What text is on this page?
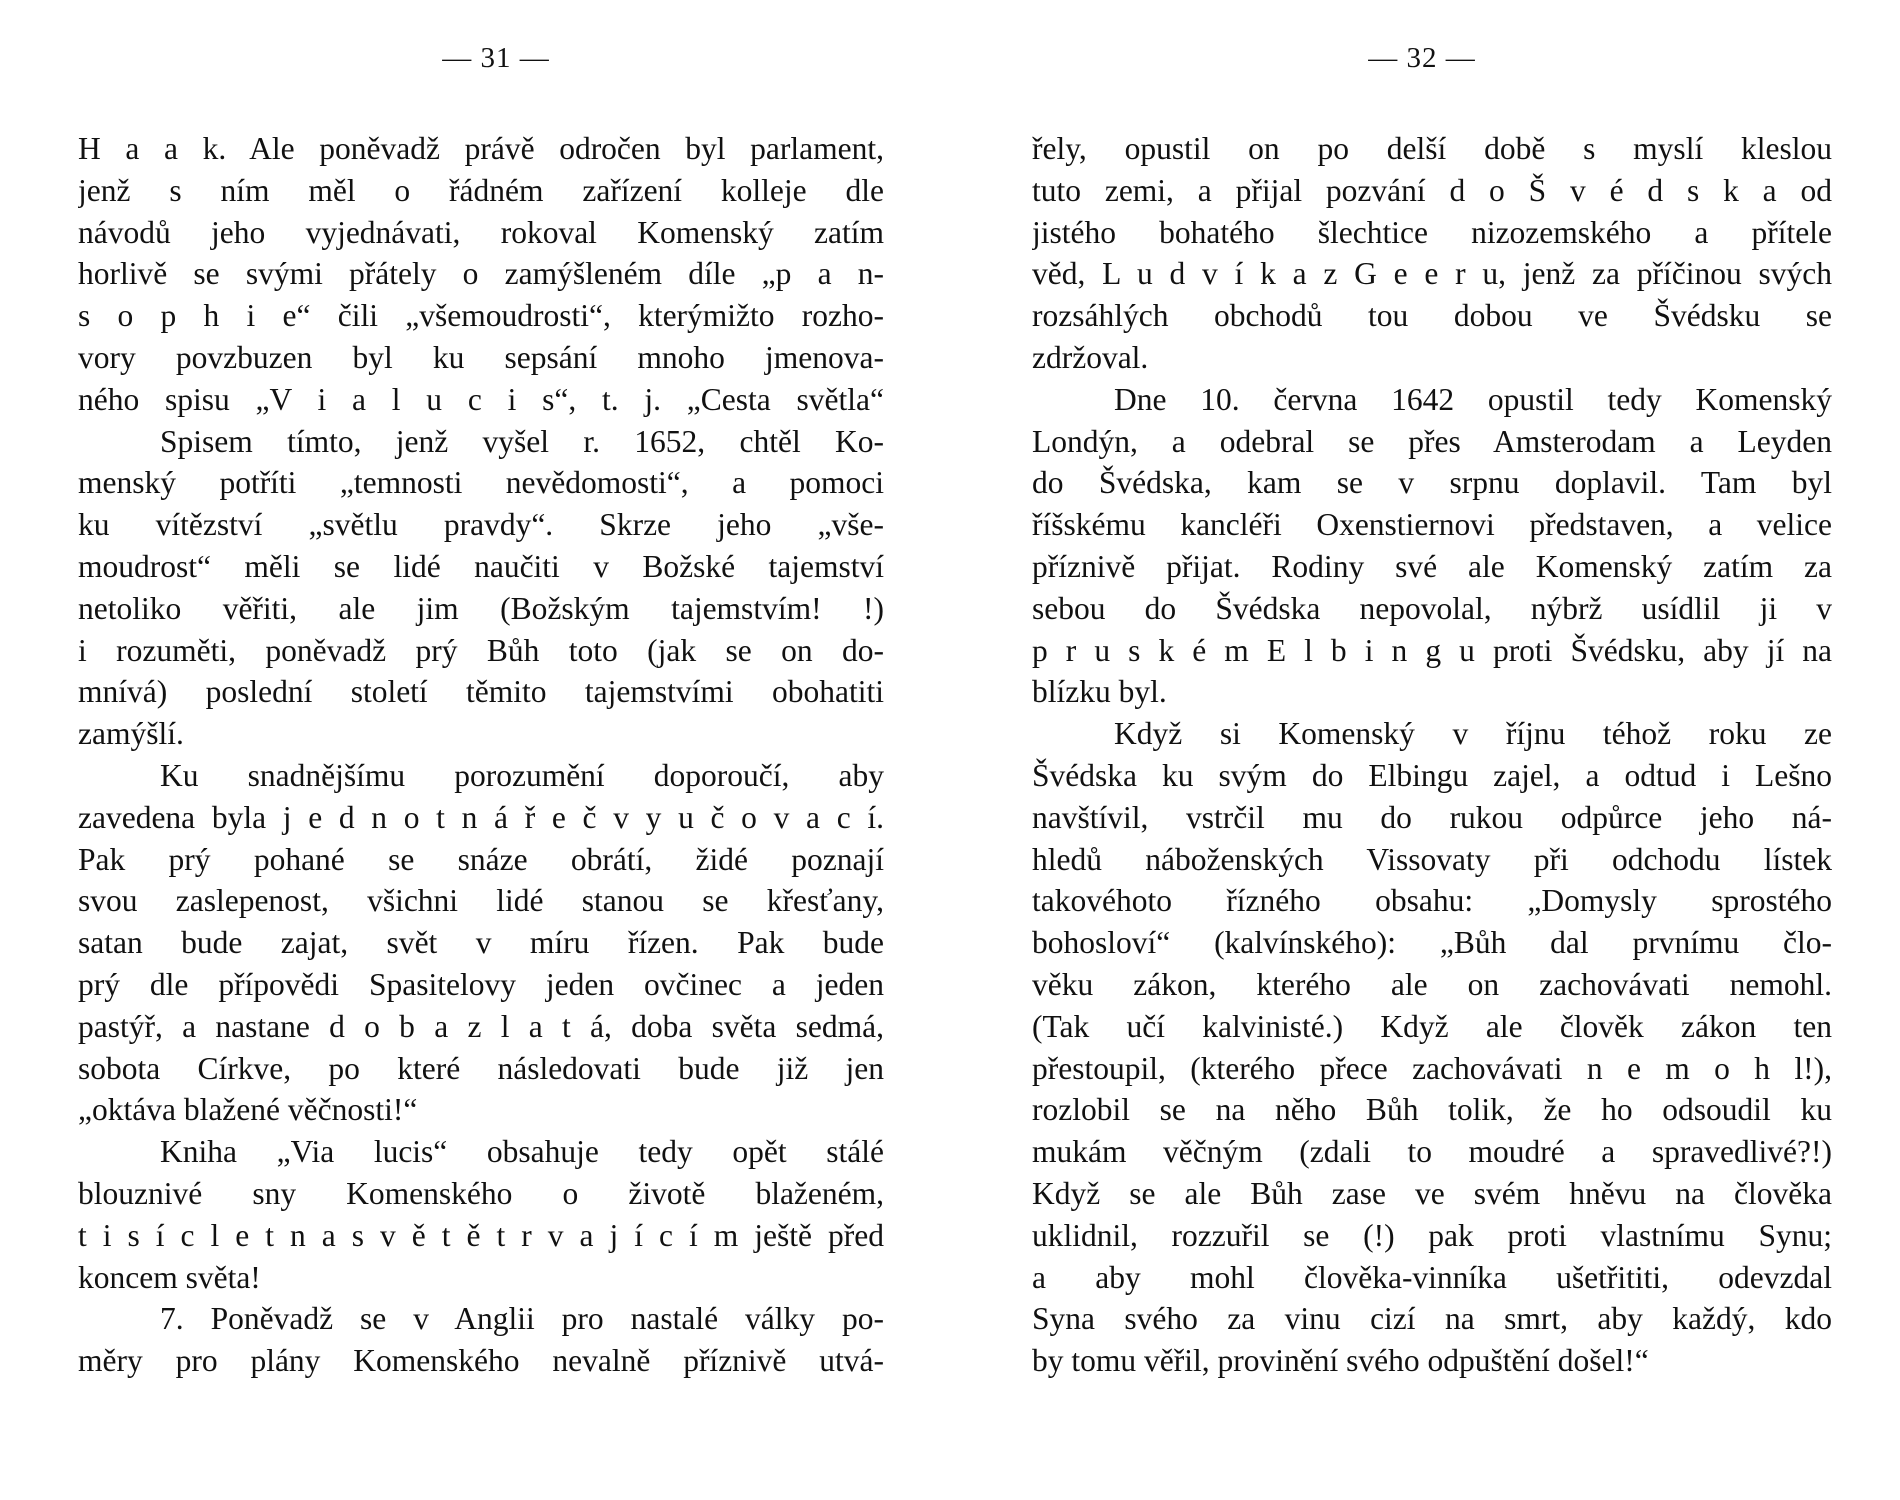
— 31 —
H a a k. Ale poněvadž právě odročen byl parlament,
jenž s ním měl o řádném zařízení kolleje dle
návodů jeho vyjednávati, rokoval Komenský zatím
horlivě se svými přátely o zamýšleném díle „p a n-
s o p h i e“ čili „všemoudrosti“, kterýmižto rozho-
vory povzbuzen byl ku sepsání mnoho jmenova-
ného spisu „V i a l u c i s“, t. j. „Cesta světla“
Spisem tímto, jenž vyšel r. 1652, chtěl Ko-
menský potříti „temnosti nevědomosti“, a pomoci
ku vítězství „světlu pravdy“. Skrze jeho „vše-
moudrost“ měli se lidé naučiti v Božské tajemství
netoliko věřiti, ale jim (Božským tajemstvím! !)
i rozuměti, poněvadž prý Bůh toto (jak se on do-
mnívá) poslední století těmito tajemstvími obohatiti
zamýšlí.
Ku snadnějšímu porozumění doporoučí, aby
zavedena byla j e d n o t n á ř e č v y u č o v a c í.
Pak prý pohané se snáze obrátí, židé poznají
svou zaslepenost, všichni lidé stanou se křesťany,
satan bude zajat, svět v míru řízen. Pak bude
prý dle přípovědi Spasitelovy jeden ovčinec a jeden
pastýř, a nastane d o b a z l a t á, doba světa sedmá,
sobota Církve, po které následovati bude již jen
„oktáva blažené věčnosti!“
Kniha „Via lucis“ obsahuje tedy opět stálé
blouznivé sny Komenského o životě blaženém,
t i s í c l e t n a s v ě t ě t r v a j í c í m ještě před
koncem světa!
7. Poněvadž se v Anglii pro nastalé války po-
měry pro plány Komenského nevalně příznivě utvá-
— 32 —
řely, opustil on po delší době s myslí kleslou
tuto zemi, a přijal pozvání d o Š v é d s k a od
jistého bohatého šlechtice nizozemského a přítele
věd, L u d v í k a z G e e r u, jenž za příčinou svých
rozsáhlých obchodů tou dobou ve Švédsku se
zdržoval.
Dne 10. června 1642 opustil tedy Komenský
Londýn, a odebral se přes Amsterodam a Leyden
do Švédska, kam se v srpnu doplavil. Tam byl
říšskému kancléři Oxenstiernovi představen, a velice
příznivě přijat. Rodiny své ale Komenský zatím za
sebou do Švédska nepovolal, nýbrž usídlil ji v
p r u s k é m E l b i n g u proti Švédsku, aby jí na
blízku byl.
Když si Komenský v říjnu téhož roku ze
Švédska ku svým do Elbingu zajel, a odtud i Lešno
navštívil, vstrčil mu do rukou odpůrce jeho ná-
hledů náboženských Vissovaty při odchodu lístek
takovéhoto řízného obsahu: „Domysly sprostého
bohosloví“ (kalvínského): „Bůh dal prvnímu člo-
věku zákon, kterého ale on zachovávati nemohl.
(Tak učí kalvinisté.) Když ale člověk zákon ten
přestoupil, (kterého přece zachovávati n e m o h l!),
rozlobil se na něho Bůh tolik, že ho odsoudil ku
mukám věčným (zdali to moudré a spravedlivé?!)
Když se ale Bůh zase ve svém hněvu na člověka
uklidnil, rozzuřil se (!) pak proti vlastnímu Synu;
a aby mohl člověka-vinníka ušetřititi, odevzdal
Syna svého za vinu cizí na smrt, aby každý, kdo
by tomu věřil, provinění svého odpuštění došel!“
